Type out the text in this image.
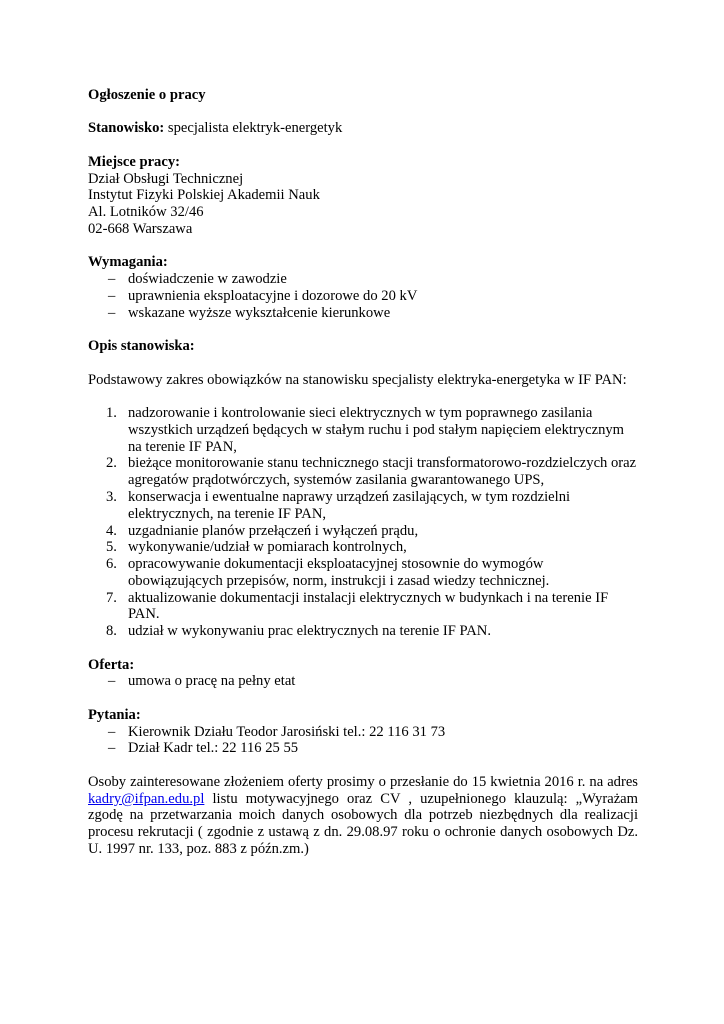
Ogłoszenie o pracy

Stanowisko: specjalista elektryk-energetyk

Miejsce pracy:

Dział Obsługi Technicznej

Instytut Fizyki Polskiej Akademii Nauk

Al. Lotników 32/46

02-668 Warszawa

Wymagania:

– doświadczenie w zawodzie
– uprawnienia eksploatacyjne i dozorowe do 20 kV
– wskazane wyższe wykształcenie kierunkowe

Opis stanowiska:

Podstawowy zakres obowiązków na stanowisku specjalisty elektryka-energetyka w IF PAN:

1. nadzorowanie i kontrolowanie sieci elektrycznych w tym poprawnego zasilania
wszystkich urządzeń będących w stałym ruchu i pod stałym napięciem elektrycznym
na terenie IF PAN,
2. bieżące monitorowanie stanu technicznego stacji transformatorowo-rozdzielczych oraz
agregatów prądotwórczych, systemów zasilania gwarantowanego UPS,
3. konserwacja i ewentualne naprawy urządzeń zasilających, w tym rozdzielni
elektrycznych, na terenie IF PAN,
4. uzgadnianie planów przełączeń i wyłączeń prądu,
5. wykonywanie/udział w pomiarach kontrolnych,
6. opracowywanie dokumentacji eksploatacyjnej stosownie do wymogów
obowiązujących przepisów, norm, instrukcji i zasad wiedzy technicznej.
7. aktualizowanie dokumentacji instalacji elektrycznych w budynkach i na terenie IF
PAN.
8. udział w wykonywaniu prac elektrycznych na terenie IF PAN.

Oferta:

– umowa o pracę na pełny etat

Pytania:

– Kierownik Działu Teodor Jarosiński tel.: 22 116 31 73
– Dział Kadr tel.: 22 116 25 55
Osoby zainteresowane złożeniem oferty prosimy o przesłanie do 15 kwietnia 2016 r. na adres
kadry@ifpan.edu.pl listu motywacyjnego oraz CV , uzupełnionego klauzulą: „Wyrażam
zgodę na przetwarzania moich danych osobowych dla potrzeb niezbędnych dla realizacji
procesu rekrutacji ( zgodnie z ustawą z dn. 29.08.97 roku o ochronie danych osobowych Dz.
U. 1997 nr. 133, poz. 883 z późn.zm.)
